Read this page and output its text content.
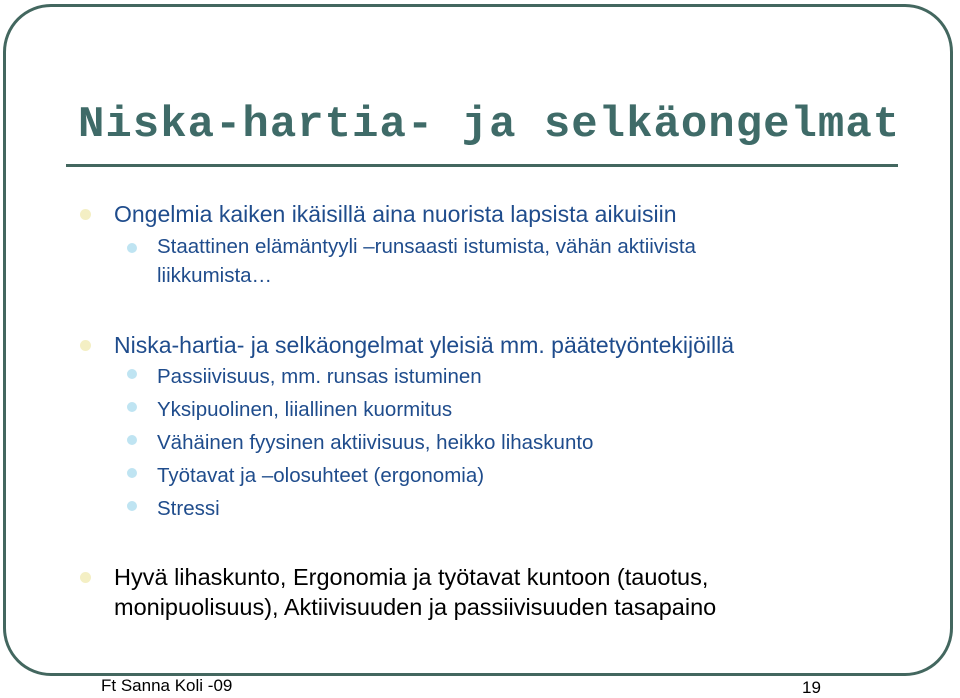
Niska-hartia- ja selkäongelmat
Ongelmia kaiken ikäisillä aina nuorista lapsista aikuisiin
Staattinen elämäntyyli –runsaasti istumista, vähän aktiivista
liikkumista…
Niska-hartia- ja selkäongelmat yleisiä mm. päätetyöntekijöillä
Passiivisuus, mm. runsas istuminen
Yksipuolinen, liiallinen kuormitus
Vähäinen fyysinen aktiivisuus, heikko lihaskunto
Työtavat ja –olosuhteet (ergonomia)
Stressi
Hyvä lihaskunto, Ergonomia ja työtavat kuntoon (tauotus,
monipuolisuus), Aktiivisuuden ja passiivisuuden tasapaino
Ft Sanna Koli -09	19
